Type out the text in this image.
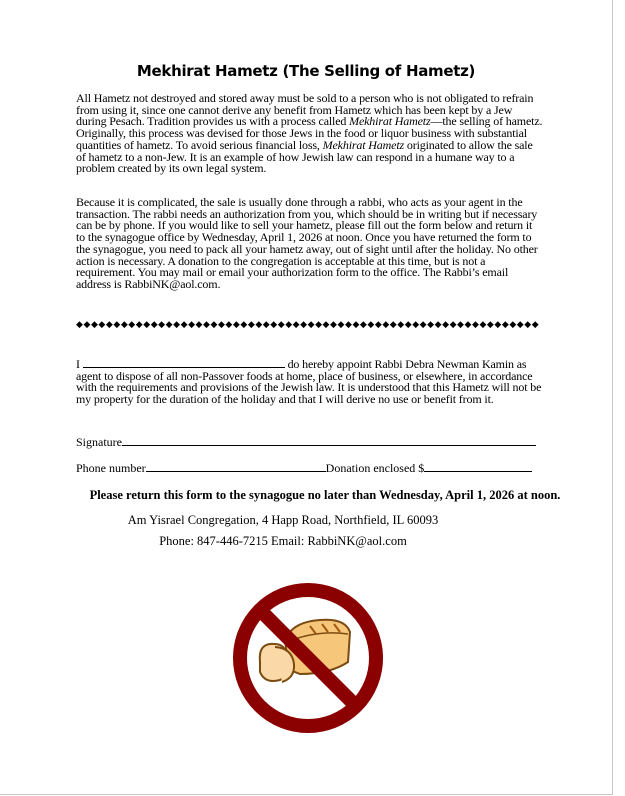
Mekhirat Hametz (The Selling of Hametz)
All Hametz not destroyed and stored away must be sold to a person who is not obligated to refrain from using it, since one cannot derive any benefit from Hametz which has been kept by a Jew during Pesach. Tradition provides us with a process called Mekhirat Hametz—the selling of hametz. Originally, this process was devised for those Jews in the food or liquor business with substantial quantities of hametz. To avoid serious financial loss, Mekhirat Hametz originated to allow the sale of hametz to a non-Jew. It is an example of how Jewish law can respond in a humane way to a problem created by its own legal system.
Because it is complicated, the sale is usually done through a rabbi, who acts as your agent in the transaction. The rabbi needs an authorization from you, which should be in writing but if necessary can be by phone. If you would like to sell your hametz, please fill out the form below and return it to the synagogue office by Wednesday, April 1, 2026 at noon. Once you have returned the form to the synagogue, you need to pack all your hametz away, out of sight until after the holiday. No other action is necessary. A donation to the congregation is acceptable at this time, but is not a requirement. You may mail or email your authorization form to the office. The Rabbi’s email address is RabbiNK@aol.com.
◆◆◆◆◆◆◆◆◆◆◆◆◆◆◆◆◆◆◆◆◆◆◆◆◆◆◆◆◆◆◆◆◆◆◆◆◆◆◆◆◆◆◆◆◆◆◆◆◆◆◆◆◆◆◆◆◆◆◆◆◆◆
I	do hereby appoint Rabbi Debra Newman Kamin as agent to dispose of all non-Passover foods at home, place of business, or elsewhere, in accordance with the requirements and provisions of the Jewish law. It is understood that this Hametz will not be my property for the duration of the holiday and that I will derive no use or benefit from it.
Signature
Phone number	Donation enclosed $
Please return this form to the synagogue no later than Wednesday, April 1, 2026 at noon.
Am Yisrael Congregation, 4 Happ Road, Northfield, IL 60093
Phone: 847-446-7215 Email: RabbiNK@aol.com
